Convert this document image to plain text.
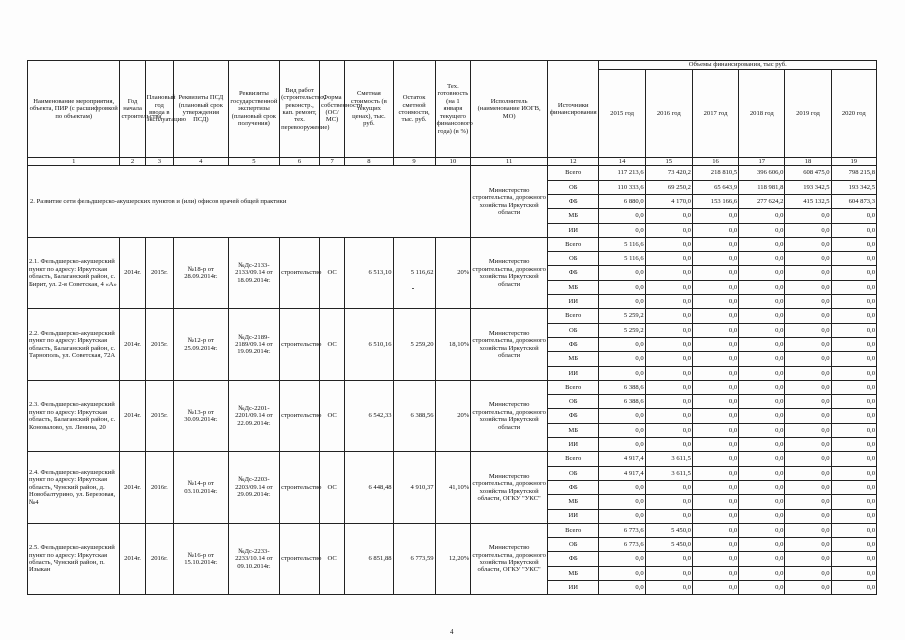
Наименование мероприятия, объекта, ПИР (с расшифровкой по объектам)	Год начала строительства	Плановый год ввода в эксплуатацию	Реквизиты ПСД (плановый срок утверждения ПСД)	Реквизиты государственной экспертизы (плановый срок получения)	Вид работ (строительство, реконстр., кап. ремонт, тех. перевооружение)	Форма собственности (ОС/МС)	Сметная стоимость (в текущих ценах), тыс. руб.	Остаток сметной стоимости, тыс. руб.	Тех. готовность (на 1 января текущего финансового года) (в %)	Исполнитель (наименование ИОГВ, МО)	Источники финансирования	Объемы финансирования, тыс руб.					
												2015 год	2016 год	2017 год	2018 год	2019 год	2020 год
1	2	3	4	5	6	7	8	9	10	11	12	14	15	16	17	18	19
2. Развитие сети фельдшерско-акушерских пунктов и (или) офисов врачей общей практики										Министерство строительства, дорожного хозяйства Иркутской области	Всего	117 213,6	73 420,2	218 810,5	396 606,0	608 475,0	798 215,8
											ОБ	110 333,6	69 250,2	65 643,9	118 981,8	193 342,5	193 342,5
											ФБ	6 880,0	4 170,0	153 166,6	277 624,2	415 132,5	604 873,3
											МБ	0,0	0,0	0,0	0,0	0,0	0,0
											ИИ	0,0	0,0	0,0	0,0	0,0	0,0
2.1. Фельдшерско-акушерский пункт по адресу: Иркутская область, Балаганский район, с. Бирит, ул. 2-я Советская, 4 «А»	2014г.	2015г.	№18-р от 28.09.2014г.	№Дс-2133-2133/09.14 от 18.09.2014г.	строительство	ОС	6 513,10	5 116,62	20%	Министерство строительства, дорожного хозяйства Иркутской области	Всего	5 116,6	0,0	0,0	0,0	0,0	0,0
											ОБ	5 116,6	0,0	0,0	0,0	0,0	0,0
											ФБ	0,0	0,0	0,0	0,0	0,0	0,0
											МБ	0,0	0,0	0,0	0,0	0,0	0,0
											ИИ	0,0	0,0	0,0	0,0	0,0	0,0
2.2. Фельдшерско-акушерский пункт по адресу: Иркутская область, Балаганский район, с. Тарнополь, ул. Советская, 72А	2014г.	2015г.	№12-р от 25.09.2014г.	№Дс-2189-2189/09.14 от 19.09.2014г.	строительство	ОС	6 510,16	5 259,20	18,10%	Министерство строительства, дорожного хозяйства Иркутской области	Всего	5 259,2	0,0	0,0	0,0	0,0	0,0
											ОБ	5 259,2	0,0	0,0	0,0	0,0	0,0
											ФБ	0,0	0,0	0,0	0,0	0,0	0,0
											МБ	0,0	0,0	0,0	0,0	0,0	0,0
											ИИ	0,0	0,0	0,0	0,0	0,0	0,0
2.3. Фельдшерско-акушерский пункт по адресу: Иркутская область, Балаганский район, с. Коновалово, ул. Ленина, 20	2014г.	2015г.	№13-р от 30.09.2014г.	№Дс-2201-2201/09.14 от 22.09.2014г.	строительство	ОС	6 542,33	6 388,56	20%	Министерство строительства, дорожного хозяйства Иркутской области	Всего	6 388,6	0,0	0,0	0,0	0,0	0,0
											ОБ	6 388,6	0,0	0,0	0,0	0,0	0,0
											ФБ	0,0	0,0	0,0	0,0	0,0	0,0
											МБ	0,0	0,0	0,0	0,0	0,0	0,0
											ИИ	0,0	0,0	0,0	0,0	0,0	0,0
2.4. Фельдшерско-акушерский пункт по адресу: Иркутская область, Чунский район, д. Новобалтурино, ул. Березовая, №4	2014г.	2016г.	№14-р от 03.10.2014г.	№Дс-2203-2203/09.14 от 29.09.2014г.	строительство	ОС	6 448,48	4 910,37	41,10%	Министерство строительства, дорожного хозяйства Иркутской области, ОГКУ "УКС"	Всего	4 917,4	3 611,5	0,0	0,0	0,0	0,0
											ОБ	4 917,4	3 611,5	0,0	0,0	0,0	0,0
											ФБ	0,0	0,0	0,0	0,0	0,0	0,0
											МБ	0,0	0,0	0,0	0,0	0,0	0,0
											ИИ	0,0	0,0	0,0	0,0	0,0	0,0
2.5. Фельдшерско-акушерский пункт по адресу: Иркутская область, Чунский район, п. Изыкан	2014г.	2016г.	№16-р от 15.10.2014г.	№Дс-2233-2233/10.14 от 09.10.2014г.	строительство	ОС	6 851,88	6 773,59	12,20%	Министерство строительства, дорожного хозяйства Иркутской области, ОГКУ "УКС"	Всего	6 773,6	5 450,0	0,0	0,0	0,0	0,0
											ОБ	6 773,6	5 450,0	0,0	0,0	0,0	0,0
											ФБ	0,0	0,0	0,0	0,0	0,0	0,0
											МБ	0,0	0,0	0,0	0,0	0,0	0,0
											ИИ	0,0	0,0	0,0	0,0	0,0	0,0
4
